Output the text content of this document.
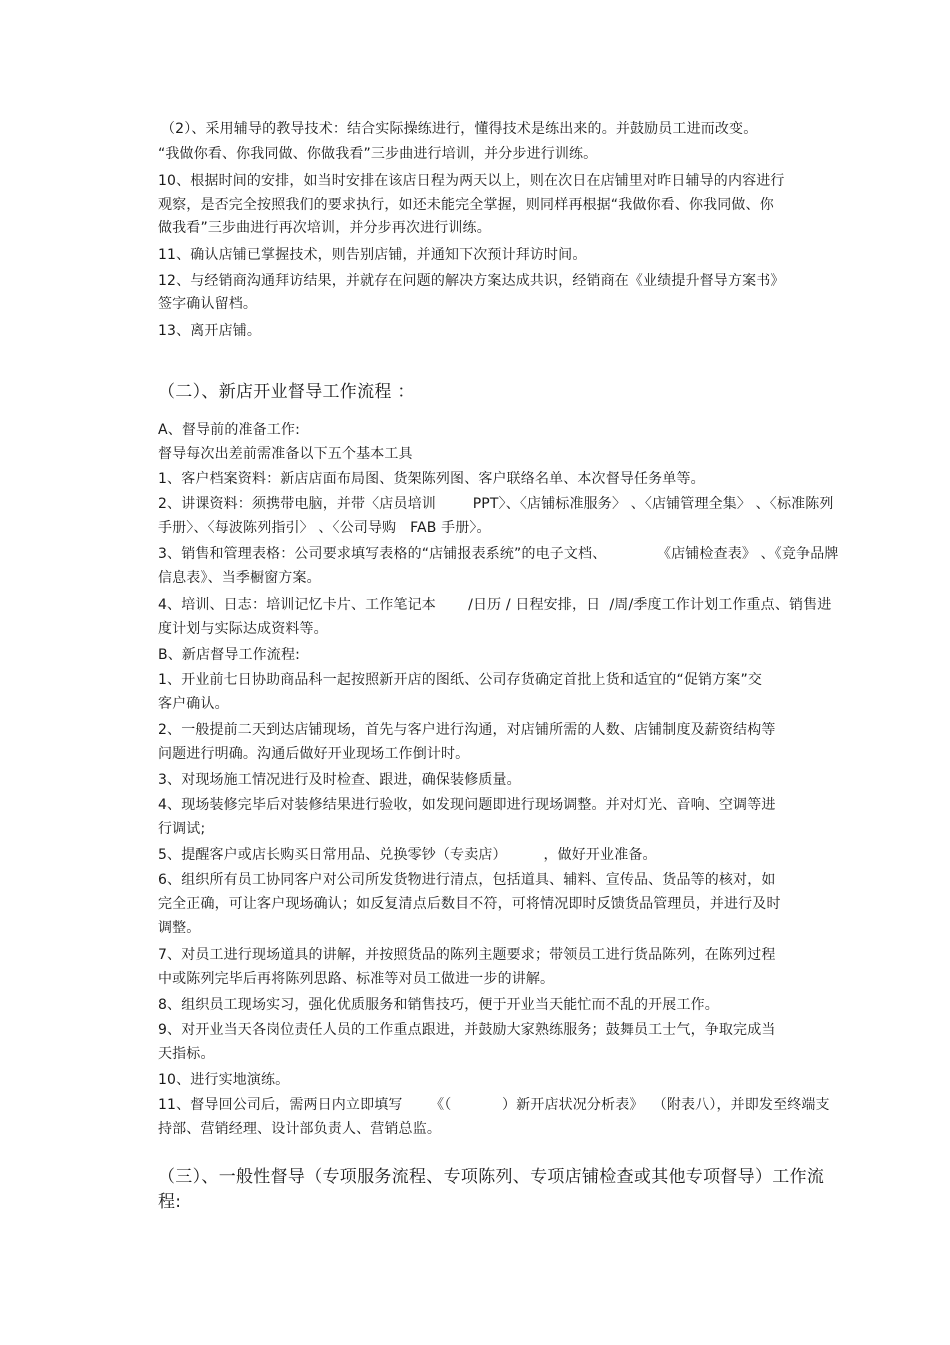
（2）、采用辅导的教导技术：结合实际操练进行，懂得技术是练出来的。并鼓励员工进而改变。
“我做你看、你我同做、你做我看”三步曲进行培训，并分步进行训练。
10、根据时间的安排，如当时安排在该店日程为两天以上，则在次日在店铺里对昨日辅导的内容进行
观察，是否完全按照我们的要求执行，如还未能完全掌握，则同样再根据“我做你看、你我同做、你
做我看”三步曲进行再次培训，并分步再次进行训练。
11、确认店铺已掌握技术，则告别店铺，并通知下次预计拜访时间。
12、与经销商沟通拜访结果，并就存在问题的解决方案达成共识，经销商在《业绩提升督导方案书》
签字确认留档。
13、离开店铺。
（二）、新店开业督导工作流程 ：
A、督导前的准备工作:
督导每次出差前需准备以下五个基本工具
1、客户档案资料：新店店面布局图、货架陈列图、客户联络名单、本次督导任务单等。
2、讲课资料：须携带电脑，并带〈店员培训        PPT〉、〈店铺标准服务〉 、〈店铺管理全集〉 、〈标准陈列
手册〉、〈每波陈列指引〉 、〈公司导购   FAB 手册〉。
3、销售和管理表格：公司要求填写表格的“店铺报表系统”的电子文档、           《店铺检查表》 、《竞争品牌
信息表》、当季橱窗方案。
4、培训、日志：培训记忆卡片、工作笔记本       /日历 / 日程安排，日  /周/季度工作计划工作重点、销售进
度计划与实际达成资料等。
B、新店督导工作流程:
1、开业前七日协助商品科一起按照新开店的图纸、公司存货确定首批上货和适宜的“促销方案”交
客户确认。
2、一般提前二天到达店铺现场，首先与客户进行沟通，对店铺所需的人数、店铺制度及薪资结构等
问题进行明确。沟通后做好开业现场工作倒计时。
3、对现场施工情况进行及时检查、跟进，确保装修质量。
4、现场装修完毕后对装修结果进行验收，如发现问题即进行现场调整。并对灯光、音响、空调等进
行调试;
5、提醒客户或店长购买日常用品、兑换零钞（专卖店）        ，做好开业准备。
6、组织所有员工协同客户对公司所发货物进行清点，包括道具、辅料、宣传品、货品等的核对，如
完全正确，可让客户现场确认；如反复清点后数目不符，可将情况即时反馈货品管理员，并进行及时
调整。
7、对员工进行现场道具的讲解，并按照货品的陈列主题要求；带领员工进行货品陈列，在陈列过程
中或陈列完毕后再将陈列思路、标准等对员工做进一步的讲解。
8、组织员工现场实习，强化优质服务和销售技巧，便于开业当天能忙而不乱的开展工作。
9、对开业当天各岗位责任人员的工作重点跟进，并鼓励大家熟练服务；鼓舞员工士气，争取完成当
天指标。
10、进行实地演练。
11、督导回公司后，需两日内立即填写      《（           ）新开店状况分析表》  （附表八），并即发至终端支
持部、营销经理、设计部负责人、营销总监。
（三）、一般性督导（专项服务流程、专项陈列、专项店铺检查或其他专项督导）工作流
程:
